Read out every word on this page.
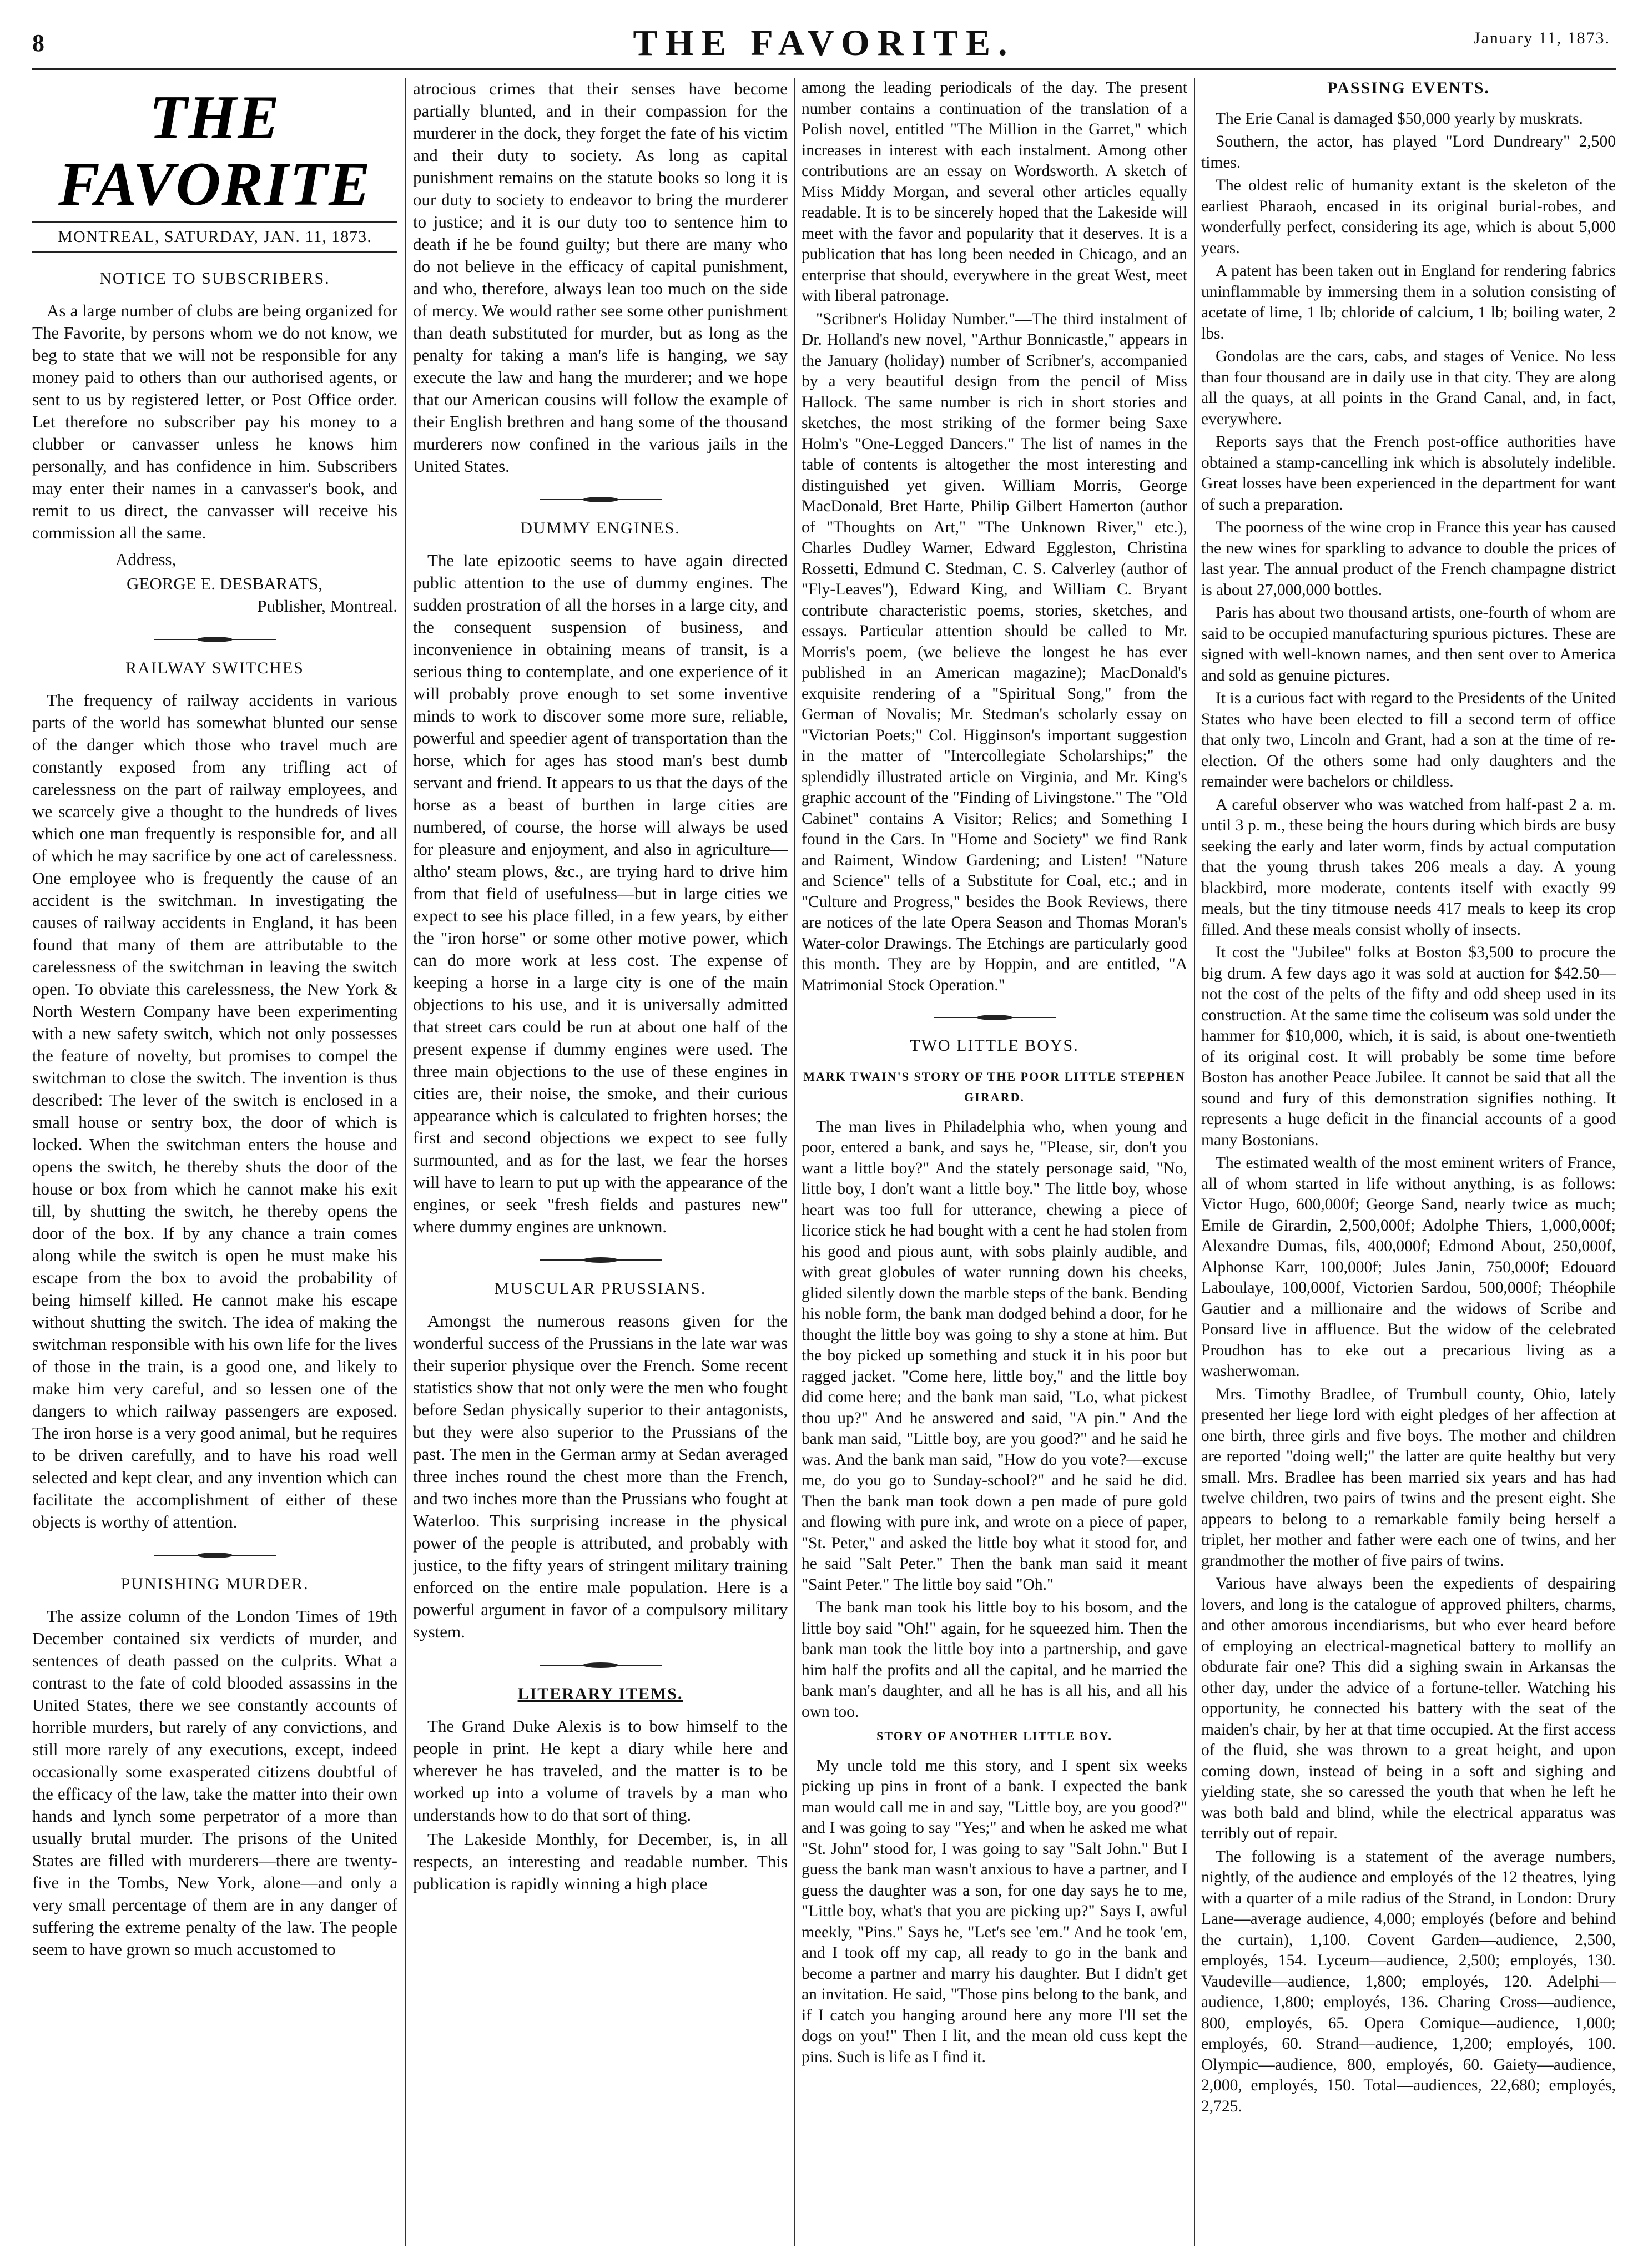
8	THE FAVORITE.	January 11, 1873.
THE FAVORITE
MONTREAL, SATURDAY, JAN. 11, 1873.
NOTICE TO SUBSCRIBERS.

As a large number of clubs are being organized for The Favorite, by persons whom we do not know, we beg to state that we will not be responsible for any money paid to others than our authorised agents, or sent to us by registered letter, or Post Office order. Let therefore no subscriber pay his money to a clubber or canvasser unless he knows him personally, and has confidence in him. Subscribers may enter their names in a canvasser's book, and remit to us direct, the canvasser will receive his commission all the same.

Address,
GEORGE E. DESBARATS,
Publisher, Montreal.
RAILWAY SWITCHES

The frequency of railway accidents in various parts of the world has somewhat blunted our sense of the danger which those who travel much are constantly exposed from any trifling act of carelessness on the part of railway employees, and we scarcely give a thought to the hundreds of lives which one man frequently is responsible for, and all of which he may sacrifice by one act of carelessness. One employee who is frequently the cause of an accident is the switchman. In investigating the causes of railway accidents in England, it has been found that many of them are attributable to the carelessness of the switchman in leaving the switch open. To obviate this carelessness, the New York & North Western Company have been experimenting with a new safety switch, which not only possesses the feature of novelty, but promises to compel the switchman to close the switch. The invention is thus described: The lever of the switch is enclosed in a small house or sentry box, the door of which is locked. When the switchman enters the house and opens the switch, he thereby shuts the door of the house or box from which he cannot make his exit till, by shutting the switch, he thereby opens the door of the box. If by any chance a train comes along while the switch is open he must make his escape from the box to avoid the probability of being himself killed. He cannot make his escape without shutting the switch. The idea of making the switchman responsible with his own life for the lives of those in the train, is a good one, and likely to make him very careful, and so lessen one of the dangers to which railway passengers are exposed. The iron horse is a very good animal, but he requires to be driven carefully, and to have his road well selected and kept clear, and any invention which can facilitate the accomplishment of either of these objects is worthy of attention.

PUNISHING MURDER.

The assize column of the London Times of 19th December contained six verdicts of murder, and sentences of death passed on the culprits. What a contrast to the fate of cold blooded assassins in the United States, there we see constantly accounts of horrible murders, but rarely of any convictions, and still more rarely of any executions, except, indeed occasionally some exasperated citizens doubtful of the efficacy of the law, take the matter into their own hands and lynch some perpetrator of a more than usually brutal murder. The prisons of the United States are filled with murderers—there are twenty-five in the Tombs, New York, alone—and only a very small percentage of them are in any danger of suffering the extreme penalty of the law. The people seem to have grown so much accustomed to

atrocious crimes that their senses have become partially blunted, and in their compassion for the murderer in the dock, they forget the fate of his victim and their duty to society. As long as capital punishment remains on the statute books so long it is our duty to society to endeavor to bring the murderer to justice; and it is our duty too to sentence him to death if he be found guilty; but there are many who do not believe in the efficacy of capital punishment, and who, therefore, always lean too much on the side of mercy. We would rather see some other punishment than death substituted for murder, but as long as the penalty for taking a man's life is hanging, we say execute the law and hang the murderer; and we hope that our American cousins will follow the example of their English brethren and hang some of the thousand murderers now confined in the various jails in the United States.

DUMMY ENGINES.

The late epizootic seems to have again directed public attention to the use of dummy engines. The sudden prostration of all the horses in a large city, and the consequent suspension of business, and inconvenience in obtaining means of transit, is a serious thing to contemplate, and one experience of it will probably prove enough to set some inventive minds to work to discover some more sure, reliable, powerful and speedier agent of transportation than the horse, which for ages has stood man's best dumb servant and friend. It appears to us that the days of the horse as a beast of burthen in large cities are numbered, of course, the horse will always be used for pleasure and enjoyment, and also in agriculture—altho' steam plows, &c., are trying hard to drive him from that field of usefulness—but in large cities we expect to see his place filled, in a few years, by either the "iron horse" or some other motive power, which can do more work at less cost. The expense of keeping a horse in a large city is one of the main objections to his use, and it is universally admitted that street cars could be run at about one half of the present expense if dummy engines were used. The three main objections to the use of these engines in cities are, their noise, the smoke, and their curious appearance which is calculated to frighten horses; the first and second objections we expect to see fully surmounted, and as for the last, we fear the horses will have to learn to put up with the appearance of the engines, or seek "fresh fields and pastures new" where dummy engines are unknown.

MUSCULAR PRUSSIANS.

Amongst the numerous reasons given for the wonderful success of the Prussians in the late war was their superior physique over the French. Some recent statistics show that not only were the men who fought before Sedan physically superior to their antagonists, but they were also superior to the Prussians of the past. The men in the German army at Sedan averaged three inches round the chest more than the French, and two inches more than the Prussians who fought at Waterloo. This surprising increase in the physical power of the people is attributed, and probably with justice, to the fifty years of stringent military training enforced on the entire male population. Here is a powerful argument in favor of a compulsory military system.

LITERARY ITEMS.

The Grand Duke Alexis is to bow himself to the people in print. He kept a diary while here and wherever he has traveled, and the matter is to be worked up into a volume of travels by a man who understands how to do that sort of thing.

The Lakeside Monthly, for December, is, in all respects, an interesting and readable number. This publication is rapidly winning a high place

among the leading periodicals of the day. The present number contains a continuation of the translation of a Polish novel, entitled "The Million in the Garret," which increases in interest with each instalment. Among other contributions are an essay on Wordsworth. A sketch of Miss Middy Morgan, and several other articles equally readable. It is to be sincerely hoped that the Lakeside will meet with the favor and popularity that it deserves. It is a publication that has long been needed in Chicago, and an enterprise that should, everywhere in the great West, meet with liberal patronage.

"Scribner's Holiday Number."—The third instalment of Dr. Holland's new novel, "Arthur Bonnicastle," appears in the January (holiday) number of Scribner's, accompanied by a very beautiful design from the pencil of Miss Hallock. The same number is rich in short stories and sketches, the most striking of the former being Saxe Holm's "One-Legged Dancers." The list of names in the table of contents is altogether the most interesting and distinguished yet given. William Morris, George MacDonald, Bret Harte, Philip Gilbert Hamerton (author of "Thoughts on Art," "The Unknown River," etc.), Charles Dudley Warner, Edward Eggleston, Christina Rossetti, Edmund C. Stedman, C. S. Calverley (author of "Fly-Leaves"), Edward King, and William C. Bryant contribute characteristic poems, stories, sketches, and essays. Particular attention should be called to Mr. Morris's poem, (we believe the longest he has ever published in an American magazine); MacDonald's exquisite rendering of a "Spiritual Song," from the German of Novalis; Mr. Stedman's scholarly essay on "Victorian Poets;" Col. Higginson's important suggestion in the matter of "Intercollegiate Scholarships;" the splendidly illustrated article on Virginia, and Mr. King's graphic account of the "Finding of Livingstone." The "Old Cabinet" contains A Visitor; Relics; and Something I found in the Cars. In "Home and Society" we find Rank and Raiment, Window Gardening; and Listen! "Nature and Science" tells of a Substitute for Coal, etc.; and in "Culture and Progress," besides the Book Reviews, there are notices of the late Opera Season and Thomas Moran's Water-color Drawings. The Etchings are particularly good this month. They are by Hoppin, and are entitled, "A Matrimonial Stock Operation."

TWO LITTLE BOYS.
MARK TWAIN'S STORY OF THE POOR LITTLE STEPHEN GIRARD.

The man lives in Philadelphia who, when young and poor, entered a bank, and says he, "Please, sir, don't you want a little boy?" And the stately personage said, "No, little boy, I don't want a little boy." The little boy, whose heart was too full for utterance, chewing a piece of licorice stick he had bought with a cent he had stolen from his good and pious aunt, with sobs plainly audible, and with great globules of water running down his cheeks, glided silently down the marble steps of the bank. Bending his noble form, the bank man dodged behind a door, for he thought the little boy was going to shy a stone at him. But the boy picked up something and stuck it in his poor but ragged jacket. "Come here, little boy," and the little boy did come here; and the bank man said, "Lo, what pickest thou up?" And he answered and said, "A pin." And the bank man said, "Little boy, are you good?" and he said he was. And the bank man said, "How do you vote?—excuse me, do you go to Sunday-school?" and he said he did. Then the bank man took down a pen made of pure gold and flowing with pure ink, and wrote on a piece of paper, "St. Peter," and asked the little boy what it stood for, and he said "Salt Peter." Then the bank man said it meant "Saint Peter." The little boy said "Oh."

The bank man took his little boy to his bosom, and the little boy said "Oh!" again, for he squeezed him. Then the bank man took the little boy into a partnership, and gave him half the profits and all the capital, and he married the bank man's daughter, and all he has is all his, and all his own too.

STORY OF ANOTHER LITTLE BOY.

My uncle told me this story, and I spent six weeks picking up pins in front of a bank. I expected the bank man would call me in and say, "Little boy, are you good?" and I was going to say "Yes;" and when he asked me what "St. John" stood for, I was going to say "Salt John." But I guess the bank man wasn't anxious to have a partner, and I guess the daughter was a son, for one day says he to me, "Little boy, what's that you are picking up?" Says I, awful meekly, "Pins." Says he, "Let's see 'em." And he took 'em, and I took off my cap, all ready to go in the bank and become a partner and marry his daughter. But I didn't get an invitation. He said, "Those pins belong to the bank, and if I catch you hanging around here any more I'll set the dogs on you!" Then I lit, and the mean old cuss kept the pins. Such is life as I find it.

PASSING EVENTS.

The Erie Canal is damaged $50,000 yearly by muskrats.

Southern, the actor, has played "Lord Dundreary" 2,500 times.

The oldest relic of humanity extant is the skeleton of the earliest Pharaoh, encased in its original burial-robes, and wonderfully perfect, considering its age, which is about 5,000 years.

A patent has been taken out in England for rendering fabrics uninflammable by immersing them in a solution consisting of acetate of lime, 1 lb; chloride of calcium, 1 lb; boiling water, 2 lbs.

Gondolas are the cars, cabs, and stages of Venice. No less than four thousand are in daily use in that city. They are along all the quays, at all points in the Grand Canal, and, in fact, everywhere.

Reports says that the French post-office authorities have obtained a stamp-cancelling ink which is absolutely indelible. Great losses have been experienced in the department for want of such a preparation.

The poorness of the wine crop in France this year has caused the new wines for sparkling to advance to double the prices of last year. The annual product of the French champagne district is about 27,000,000 bottles.

Paris has about two thousand artists, one-fourth of whom are said to be occupied manufacturing spurious pictures. These are signed with well-known names, and then sent over to America and sold as genuine pictures.

It is a curious fact with regard to the Presidents of the United States who have been elected to fill a second term of office that only two, Lincoln and Grant, had a son at the time of re-election. Of the others some had only daughters and the remainder were bachelors or childless.

A careful observer who was watched from half-past 2 a. m. until 3 p. m., these being the hours during which birds are busy seeking the early and later worm, finds by actual computation that the young thrush takes 206 meals a day. A young blackbird, more moderate, contents itself with exactly 99 meals, but the tiny titmouse needs 417 meals to keep its crop filled. And these meals consist wholly of insects.

It cost the "Jubilee" folks at Boston $3,500 to procure the big drum. A few days ago it was sold at auction for $42.50—not the cost of the pelts of the fifty and odd sheep used in its construction. At the same time the coliseum was sold under the hammer for $10,000, which, it is said, is about one-twentieth of its original cost. It will probably be some time before Boston has another Peace Jubilee. It cannot be said that all the sound and fury of this demonstration signifies nothing. It represents a huge deficit in the financial accounts of a good many Bostonians.

The estimated wealth of the most eminent writers of France, all of whom started in life without anything, is as follows: Victor Hugo, 600,000f; George Sand, nearly twice as much; Emile de Girardin, 2,500,000f; Adolphe Thiers, 1,000,000f; Alexandre Dumas, fils, 400,000f; Edmond About, 250,000f, Alphonse Karr, 100,000f; Jules Janin, 750,000f; Edouard Laboulaye, 100,000f, Victorien Sardou, 500,000f; Théophile Gautier and a millionaire and the widows of Scribe and Ponsard live in affluence. But the widow of the celebrated Proudhon has to eke out a precarious living as a washerwoman.

Mrs. Timothy Bradlee, of Trumbull county, Ohio, lately presented her liege lord with eight pledges of her affection at one birth, three girls and five boys. The mother and children are reported "doing well;" the latter are quite healthy but very small. Mrs. Bradlee has been married six years and has had twelve children, two pairs of twins and the present eight. She appears to belong to a remarkable family being herself a triplet, her mother and father were each one of twins, and her grandmother the mother of five pairs of twins.

Various have always been the expedients of despairing lovers, and long is the catalogue of approved philters, charms, and other amorous incendiarisms, but who ever heard before of employing an electrical-magnetical battery to mollify an obdurate fair one? This did a sighing swain in Arkansas the other day, under the advice of a fortune-teller. Watching his opportunity, he connected his battery with the seat of the maiden's chair, by her at that time occupied. At the first access of the fluid, she was thrown to a great height, and upon coming down, instead of being in a soft and sighing and yielding state, she so caressed the youth that when he left he was both bald and blind, while the electrical apparatus was terribly out of repair.

The following is a statement of the average numbers, nightly, of the audience and employés of the 12 theatres, lying with a quarter of a mile radius of the Strand, in London: Drury Lane—average audience, 4,000; employés (before and behind the curtain), 1,100. Covent Garden—audience, 2,500, employés, 154. Lyceum—audience, 2,500; employés, 130. Vaudeville—audience, 1,800; employés, 120. Adelphi—audience, 1,800; employés, 136. Charing Cross—audience, 800, employés, 65. Opera Comique—audience, 1,000; employés, 60. Strand—audience, 1,200; employés, 100. Olympic—audience, 800, employés, 60. Gaiety—audience, 2,000, employés, 150. Total—audiences, 22,680; employés, 2,725.
